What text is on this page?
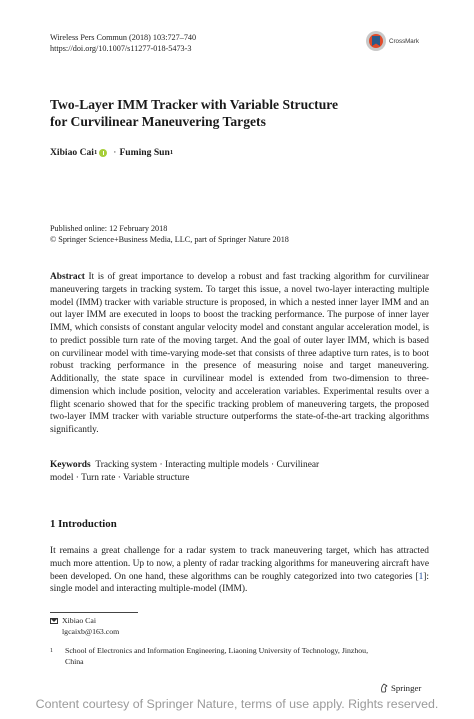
Wireless Pers Commun (2018) 103:727–740
https://doi.org/10.1007/s11277-018-5473-3
CrossMark
Two-Layer IMM Tracker with Variable Structure
for Curvilinear Maneuvering Targets
Xibiao Cai 1 · Fuming Sun 1
Published online: 12 February 2018
© Springer Science+Business Media, LLC, part of Springer Nature 2018
Abstract It is of great importance to develop a robust and fast tracking algorithm for curvilinear maneuvering targets in tracking system. To target this issue, a novel two-layer interacting multiple model (IMM) tracker with variable structure is proposed, in which a nested inner layer IMM and an out layer IMM are executed in loops to boost the tracking performance. The purpose of inner layer IMM, which consists of constant angular velocity model and constant angular acceleration model, is to predict possible turn rate of the moving target. And the goal of outer layer IMM, which is based on curvilinear model with time-varying mode-set that consists of three adaptive turn rates, is to boot robust tracking performance in the presence of measuring noise and target maneuvering. Additionally, the state space in curvilinear model is extended from two-dimension to three-dimension which include position, velocity and acceleration variables. Experimental results over a flight scenario showed that for the specific tracking problem of maneuvering targets, the proposed two-layer IMM tracker with variable structure outperforms the state-of-the-art tracking algorithms significantly.
Keywords Tracking system · Interacting multiple models · Curvilinear
model · Turn rate · Variable structure
1 Introduction
It remains a great challenge for a radar system to track maneuvering target, which has attracted much more attention. Up to now, a plenty of radar tracking algorithms for maneuvering aircraft have been developed. On one hand, these algorithms can be roughly categorized into two categories [1]: single model and interacting multiple-model (IMM).
Xibiao Cai
lgcaixb@163.com
1	School of Electronics and Information Engineering, Liaoning University of Technology, Jinzhou,
China
Springer
Content courtesy of Springer Nature, terms of use apply. Rights reserved.
